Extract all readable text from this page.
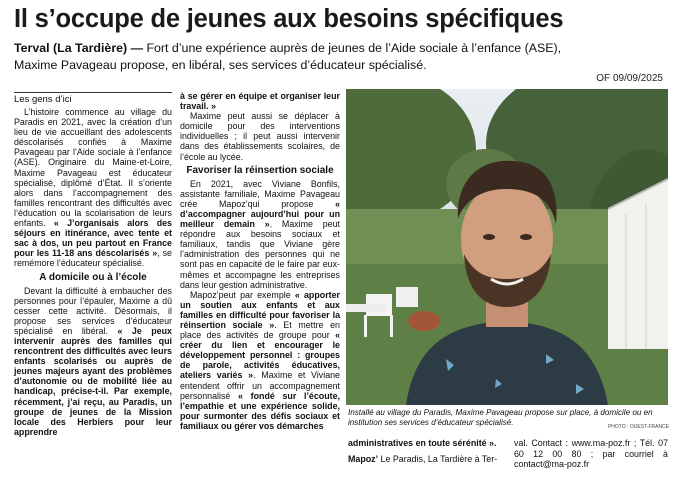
Il s’occupe de jeunes aux besoins spécifiques

Terval (La Tardière) — Fort d’une expérience auprès de jeunes de l’Aide sociale à l’enfance (ASE),

Maxime Pavageau propose, en libéral, ses services d’éducateur spécialisé.

OF 09/09/2025
Les gens d’ici

L’histoire commence au village du Paradis en 2021, avec la création d’un lieu de vie accueillant des adolescents déscolarisés confiés à Maxime Pavageau par l’Aide sociale à l’enfance (ASE). Originaire du Maine-et-Loire, Maxime Pavageau est éducateur spécialisé, diplômé d’État. Il s’orientе alors dans l’accompagnement des familles rencontrant des difficultés avec l’éducation ou la scolarisation de leurs enfants. « J’organisais alors des séjours en itinérance, avec tente et sac à dos, un peu partout en France pour les 11-18 ans déscolarisés », se remémore l’éducateur spécialisé.

A domicile ou à l’école

Devant la difficulté à embaucher des personnes pour l’épauler, Maxime a dû cesser cette activité. Désormais, il propose ses services d’éducateur spécialisé en libéral. « Je peux intervenir auprès des familles qui rencontrent des difficultés avec leurs enfants scolarisés ou auprès de jeunes majeurs ayant des problèmes d’autonomie ou de mobilité liée au handicap, précise-t-il. Par exemple, récemment, j’ai reçu, au Paradis, un groupe de jeunes de la Mission locale des Herbiers pour leur apprendre

à se gérer en équipe et organiser leur travail. »

Maxime peut aussi se déplacer à domicile pour des interventions individuelles ; il peut aussi intervenir dans des établissements scolaires, de l’école au lycée.

Favoriser la réinsertion sociale

En 2021, avec Viviane Bonfils, assistante familiale, Maxime Pavageau crée Mapoz’qui propose « d’accompagner aujourd’hui pour un meilleur demain ». Maxime peut répondre aux besoins sociaux et familiaux, tandis que Viviane gère l’administration des personnes qui ne sont pas en capacité de le faire par eux-mêmes et accompagne les entreprises dans leur gestion administrative.

Mapoz’peut par exemple « apporter un soutien aux enfants et aux familles en difficulté pour favoriser la réinsertion sociale ». Et mettre en place des activités de groupe pour « créer du lien et encourager le développement personnel : groupes de parole, activités éducatives, ateliers variés ». Maxime et Viviane entendent offrir un accompagnement personnalisé « fondé sur l’écoute, l’empathie et une expérience solide, pour surmonter des défis sociaux et familiaux ou gérer vos démarches

Installé au village du Paradis, Maxime Pavageau propose sur place, à domicile ou en institution ses services d’éducateur spécialisé.
PHOTO : OUEST-FRANCE

administratives en toute sérénité ».

Mapoz’ Le Paradis, La Tardière à Ter-

val. Contact : www.ma-poz.fr ; Tél. 07 60 12 00 80 ; par courriel à contact@ma-poz.fr
